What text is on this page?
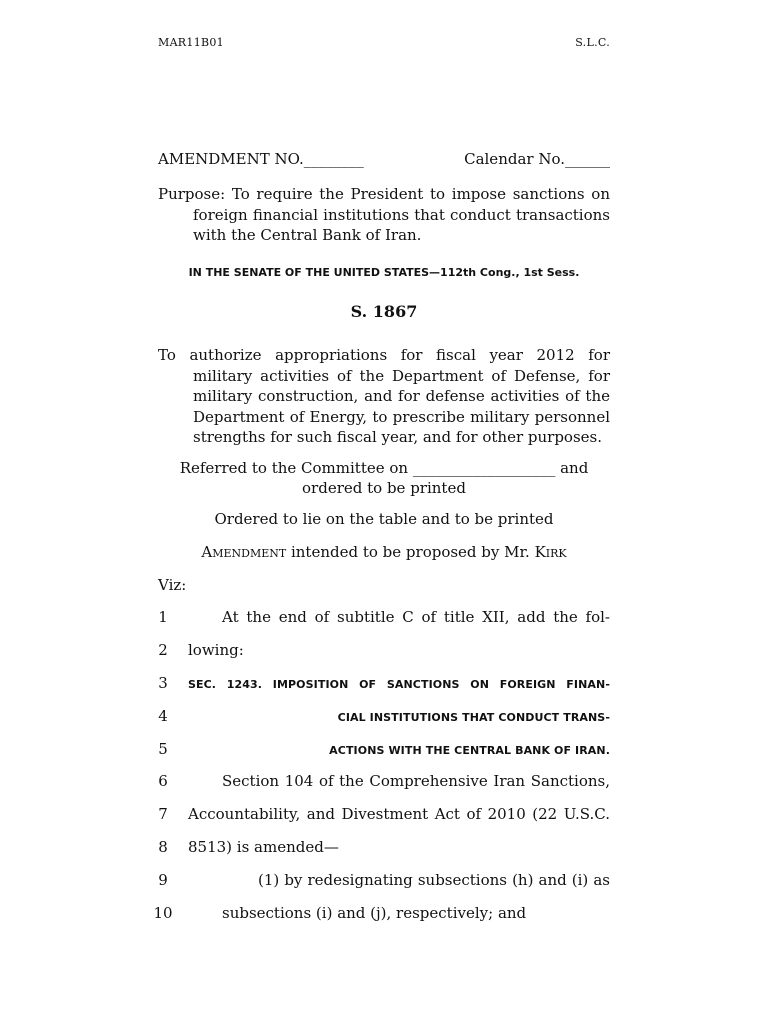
MAR11B01	S.L.C.
AMENDMENT NO.________	Calendar No.______
Purpose: To require the President to impose sanctions on foreign financial institutions that conduct transactions with the Central Bank of Iran.
IN THE SENATE OF THE UNITED STATES—112th Cong., 1st Sess.
S. 1867
To authorize appropriations for fiscal year 2012 for military activities of the Department of Defense, for military construction, and for defense activities of the Department of Energy, to prescribe military personnel strengths for such fiscal year, and for other purposes.
Referred to the Committee on ___________________ and
ordered to be printed
Ordered to lie on the table and to be printed
Amendment intended to be proposed by Mr. Kirk
Viz:
1	At the end of subtitle C of title XII, add the fol-
2	lowing:
3	SEC. 1243. IMPOSITION OF SANCTIONS ON FOREIGN FINAN-
4	CIAL INSTITUTIONS THAT CONDUCT TRANS-
5	ACTIONS WITH THE CENTRAL BANK OF IRAN.
6	Section 104 of the Comprehensive Iran Sanctions,
7	Accountability, and Divestment Act of 2010 (22 U.S.C.
8	8513) is amended—
9	(1) by redesignating subsections (h) and (i) as
10	subsections (i) and (j), respectively; and
